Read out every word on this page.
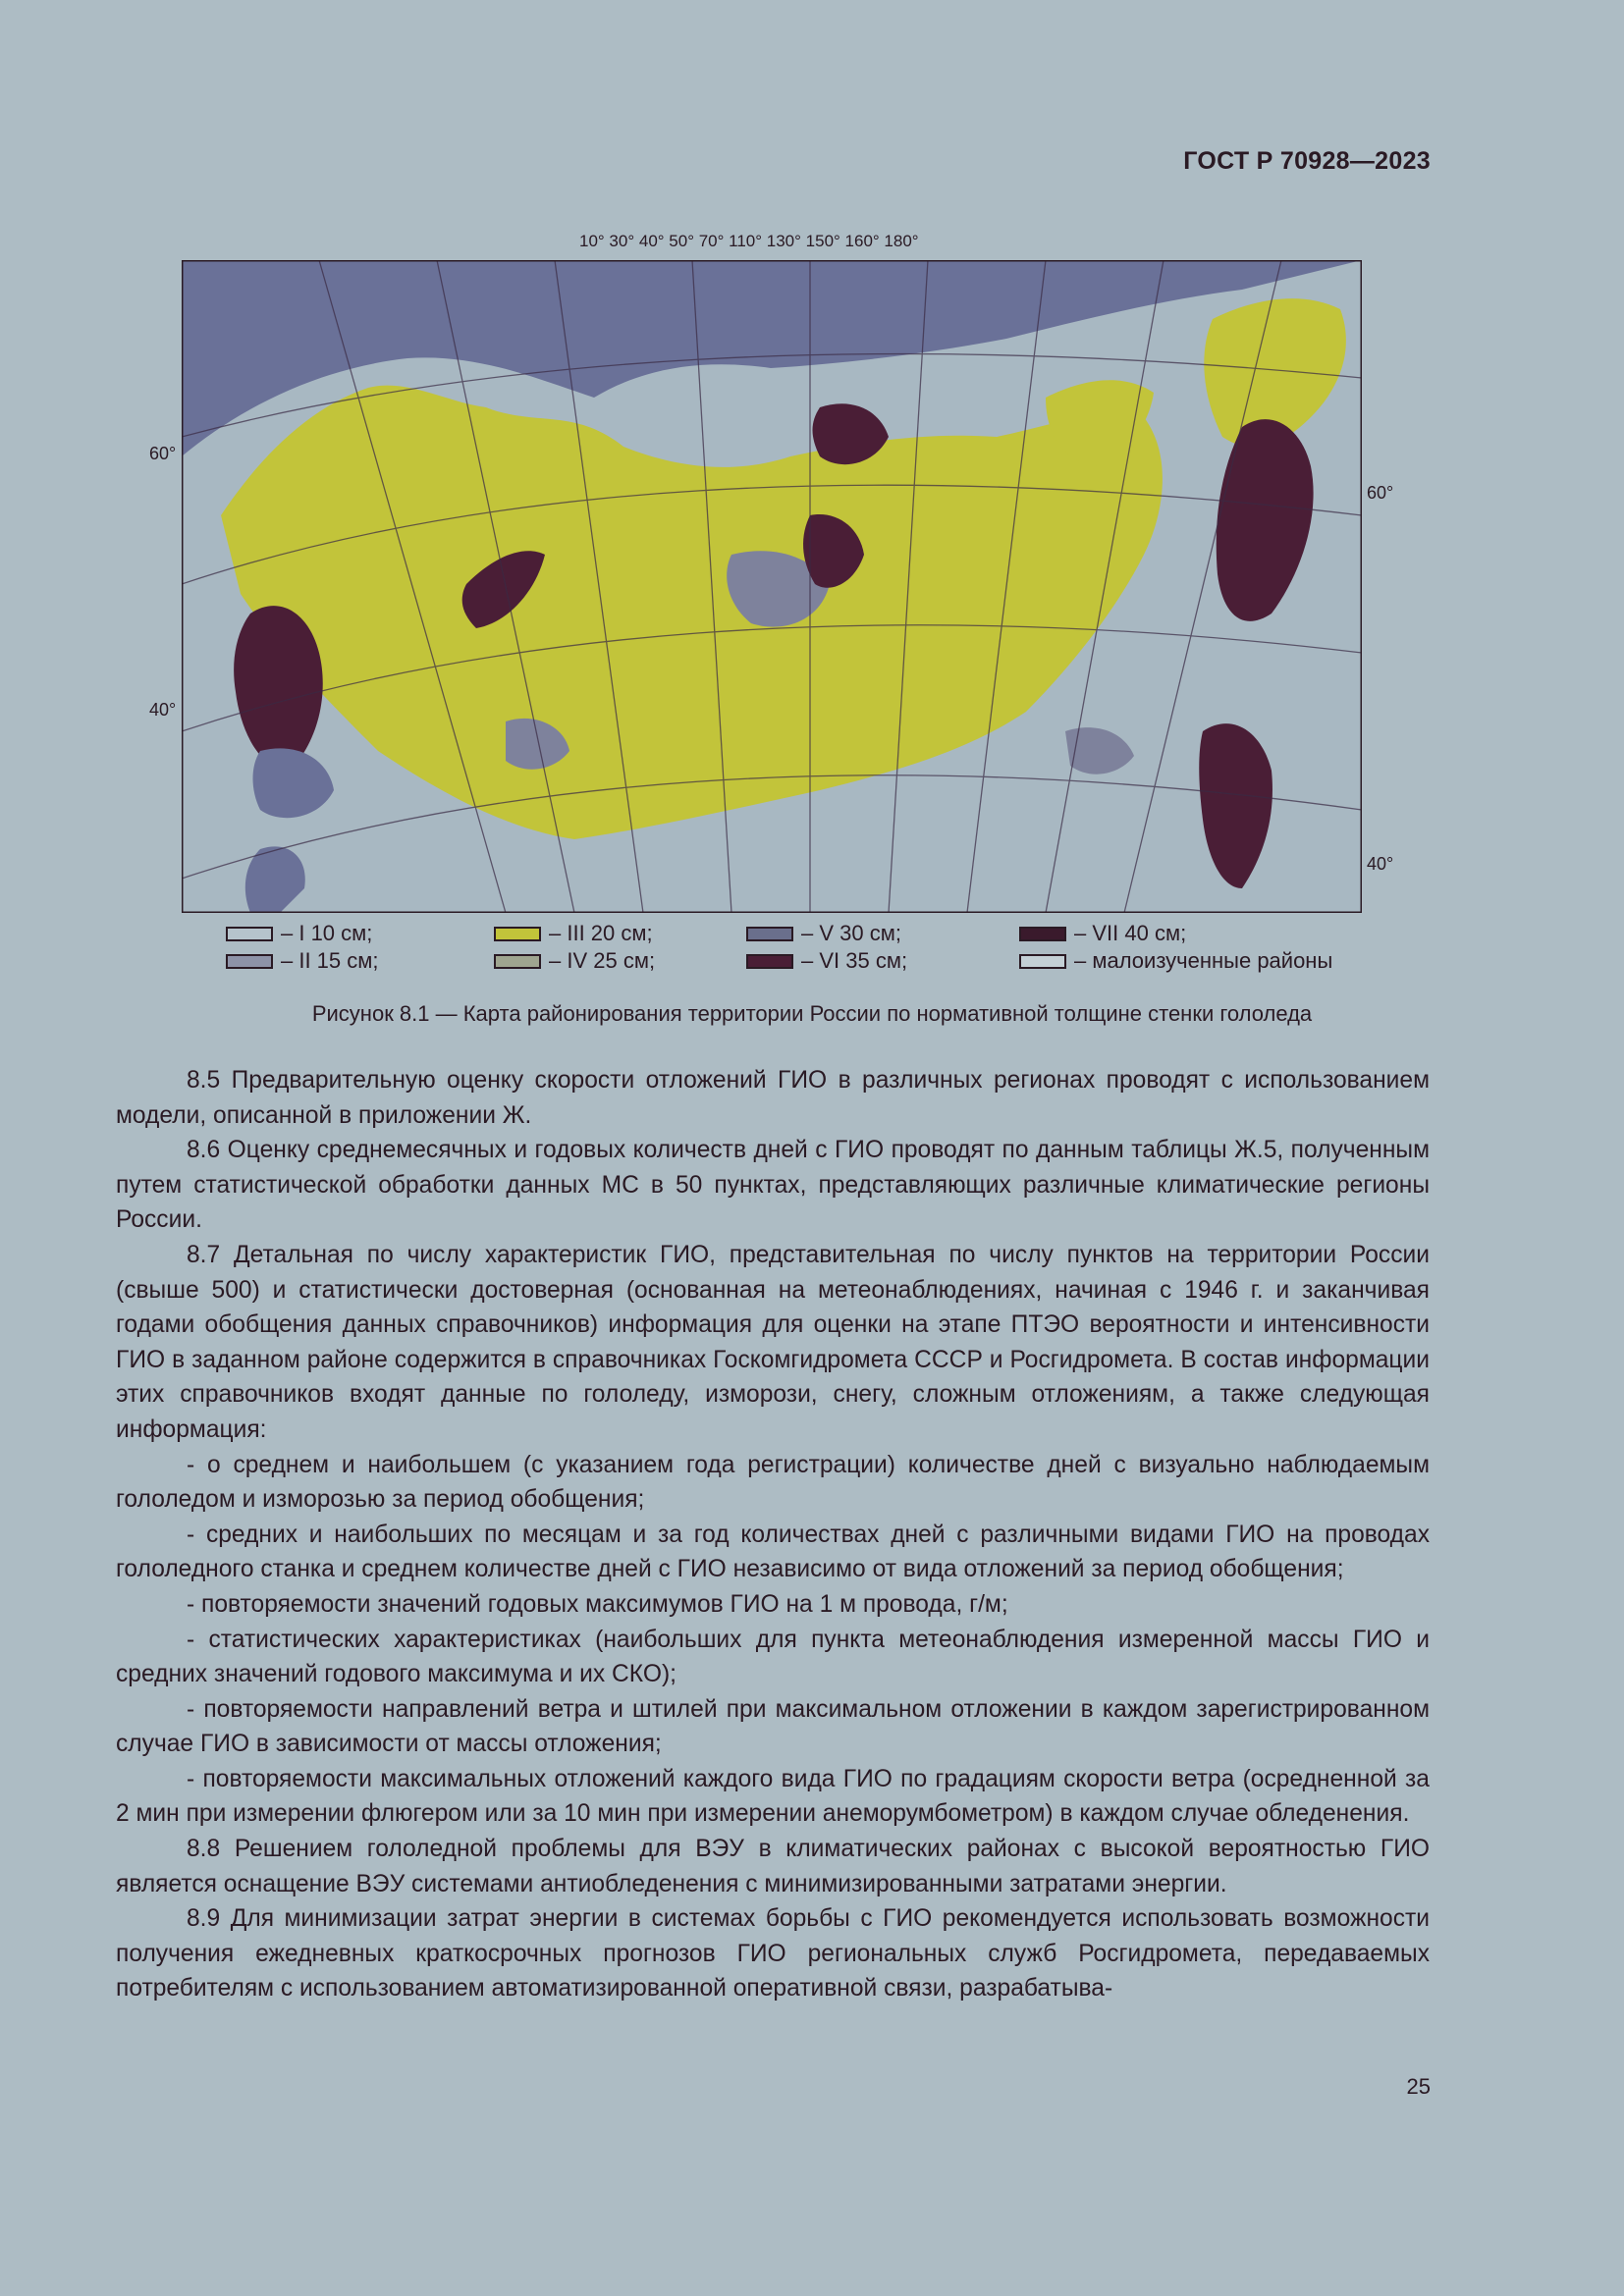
ГОСТ Р 70928—2023
10° 30° 40° 50° 70° 110° 130° 150° 160° 180°
60°
40°
60°
40°
– I 10 см;
– II 15 см;
– III 20 см;
– IV 25 см;
– V 30 см;
– VI 35 см;
– VII 40 см;
– малоизученные районы
Рисунок 8.1 — Карта районирования территории России по нормативной толщине стенки гололеда

8.5 Предварительную оценку скорости отложений ГИО в различных регионах проводят с использованием модели, описанной в приложении Ж.

8.6 Оценку среднемесячных и годовых количеств дней с ГИО проводят по данным таблицы Ж.5, полученным путем статистической обработки данных МС в 50 пунктах, представляющих различные климатические регионы России.

8.7 Детальная по числу характеристик ГИО, представительная по числу пунктов на территории России (свыше 500) и статистически достоверная (основанная на метеонаблюдениях, начиная с 1946 г. и заканчивая годами обобщения данных справочников) информация для оценки на этапе ПТЭО вероятности и интенсивности ГИО в заданном районе содержится в справочниках Госкомгидромета СССР и Росгидромета. В состав информации этих справочников входят данные по гололеду, изморози, снегу, сложным отложениям, а также следующая информация:

- о среднем и наибольшем (с указанием года регистрации) количестве дней с визуально наблюдаемым гололедом и изморозью за период обобщения;

- средних и наибольших по месяцам и за год количествах дней с различными видами ГИО на проводах гололедного станка и среднем количестве дней с ГИО независимо от вида отложений за период обобщения;

- повторяемости значений годовых максимумов ГИО на 1 м провода, г/м;

- статистических характеристиках (наибольших для пункта метеонаблюдения измеренной массы ГИО и средних значений годового максимума и их СКО);

- повторяемости направлений ветра и штилей при максимальном отложении в каждом зарегистрированном случае ГИО в зависимости от массы отложения;

- повторяемости максимальных отложений каждого вида ГИО по градациям скорости ветра (осредненной за 2 мин при измерении флюгером или за 10 мин при измерении анеморумбометром) в каждом случае обледенения.

8.8 Решением гололедной проблемы для ВЭУ в климатических районах с высокой вероятностью ГИО является оснащение ВЭУ системами антиобледенения с минимизированными затратами энергии.

8.9 Для минимизации затрат энергии в системах борьбы с ГИО рекомендуется использовать возможности получения ежедневных краткосрочных прогнозов ГИО региональных служб Росгидромета, передаваемых потребителям с использованием автоматизированной оперативной связи, разрабатыва-

25
